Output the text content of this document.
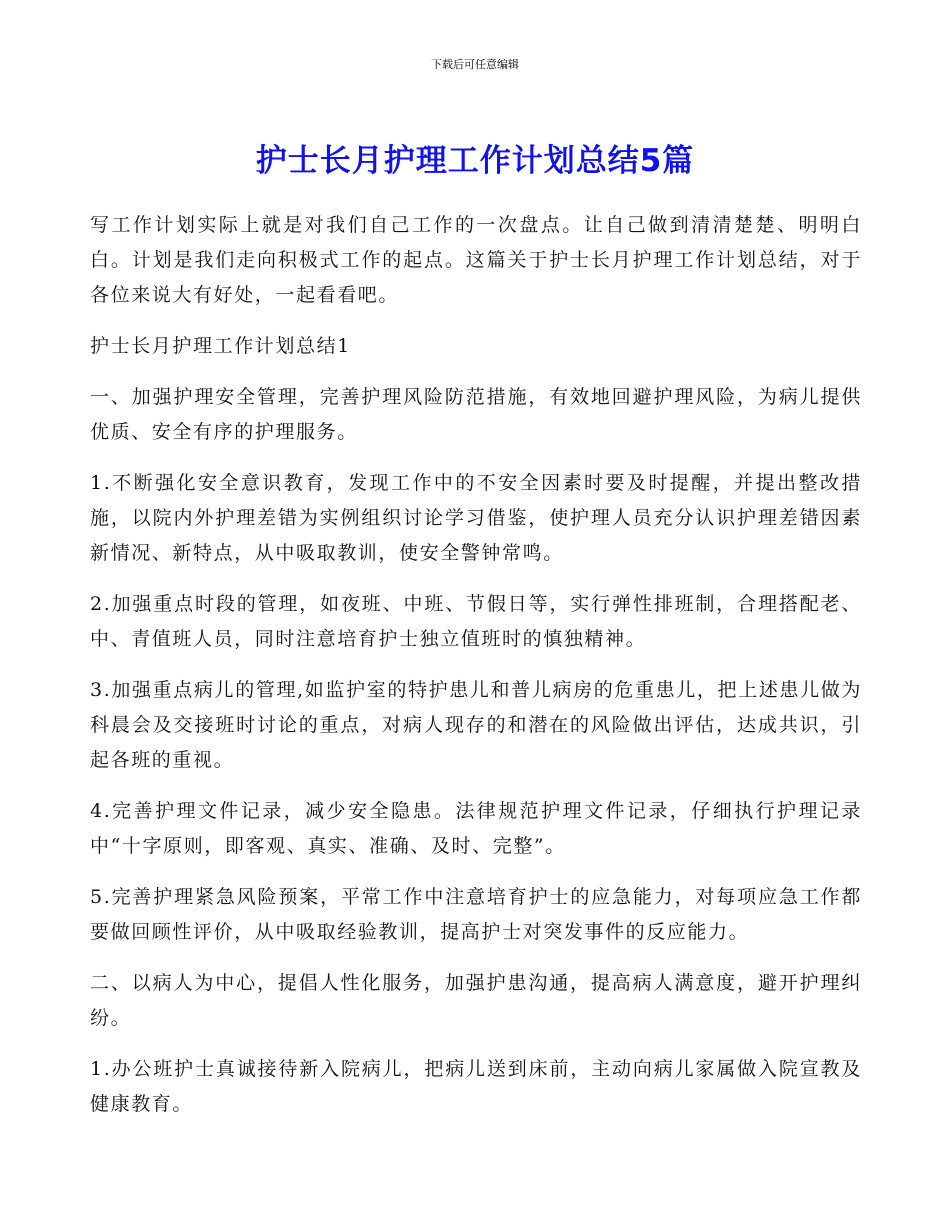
下载后可任意编辑
护士长月护理工作计划总结5篇

写工作计划实际上就是对我们自己工作的一次盘点。让自己做到清清楚楚、明明白白。计划是我们走向积极式工作的起点。这篇关于护士长月护理工作计划总结，对于各位来说大有好处，一起看看吧。

护士长月护理工作计划总结1

一、加强护理安全管理，完善护理风险防范措施，有效地回避护理风险，为病儿提供优质、安全有序的护理服务。

1.不断强化安全意识教育，发现工作中的不安全因素时要及时提醒，并提出整改措施，以院内外护理差错为实例组织讨论学习借鉴，使护理人员充分认识护理差错因素新情况、新特点，从中吸取教训，使安全警钟常鸣。

2.加强重点时段的管理，如夜班、中班、节假日等，实行弹性排班制，合理搭配老、中、青值班人员，同时注意培育护士独立值班时的慎独精神。

3.加强重点病儿的管理,如监护室的特护患儿和普儿病房的危重患儿，把上述患儿做为科晨会及交接班时讨论的重点，对病人现存的和潜在的风险做出评估，达成共识，引起各班的重视。

4.完善护理文件记录，减少安全隐患。法律规范护理文件记录，仔细执行护理记录中“十字原则，即客观、真实、准确、及时、完整”。

5.完善护理紧急风险预案，平常工作中注意培育护士的应急能力，对每项应急工作都要做回顾性评价，从中吸取经验教训，提高护士对突发事件的反应能力。

二、以病人为中心，提倡人性化服务，加强护患沟通，提高病人满意度，避开护理纠纷。

1.办公班护士真诚接待新入院病儿，把病儿送到床前，主动向病儿家属做入院宣教及健康教育。
